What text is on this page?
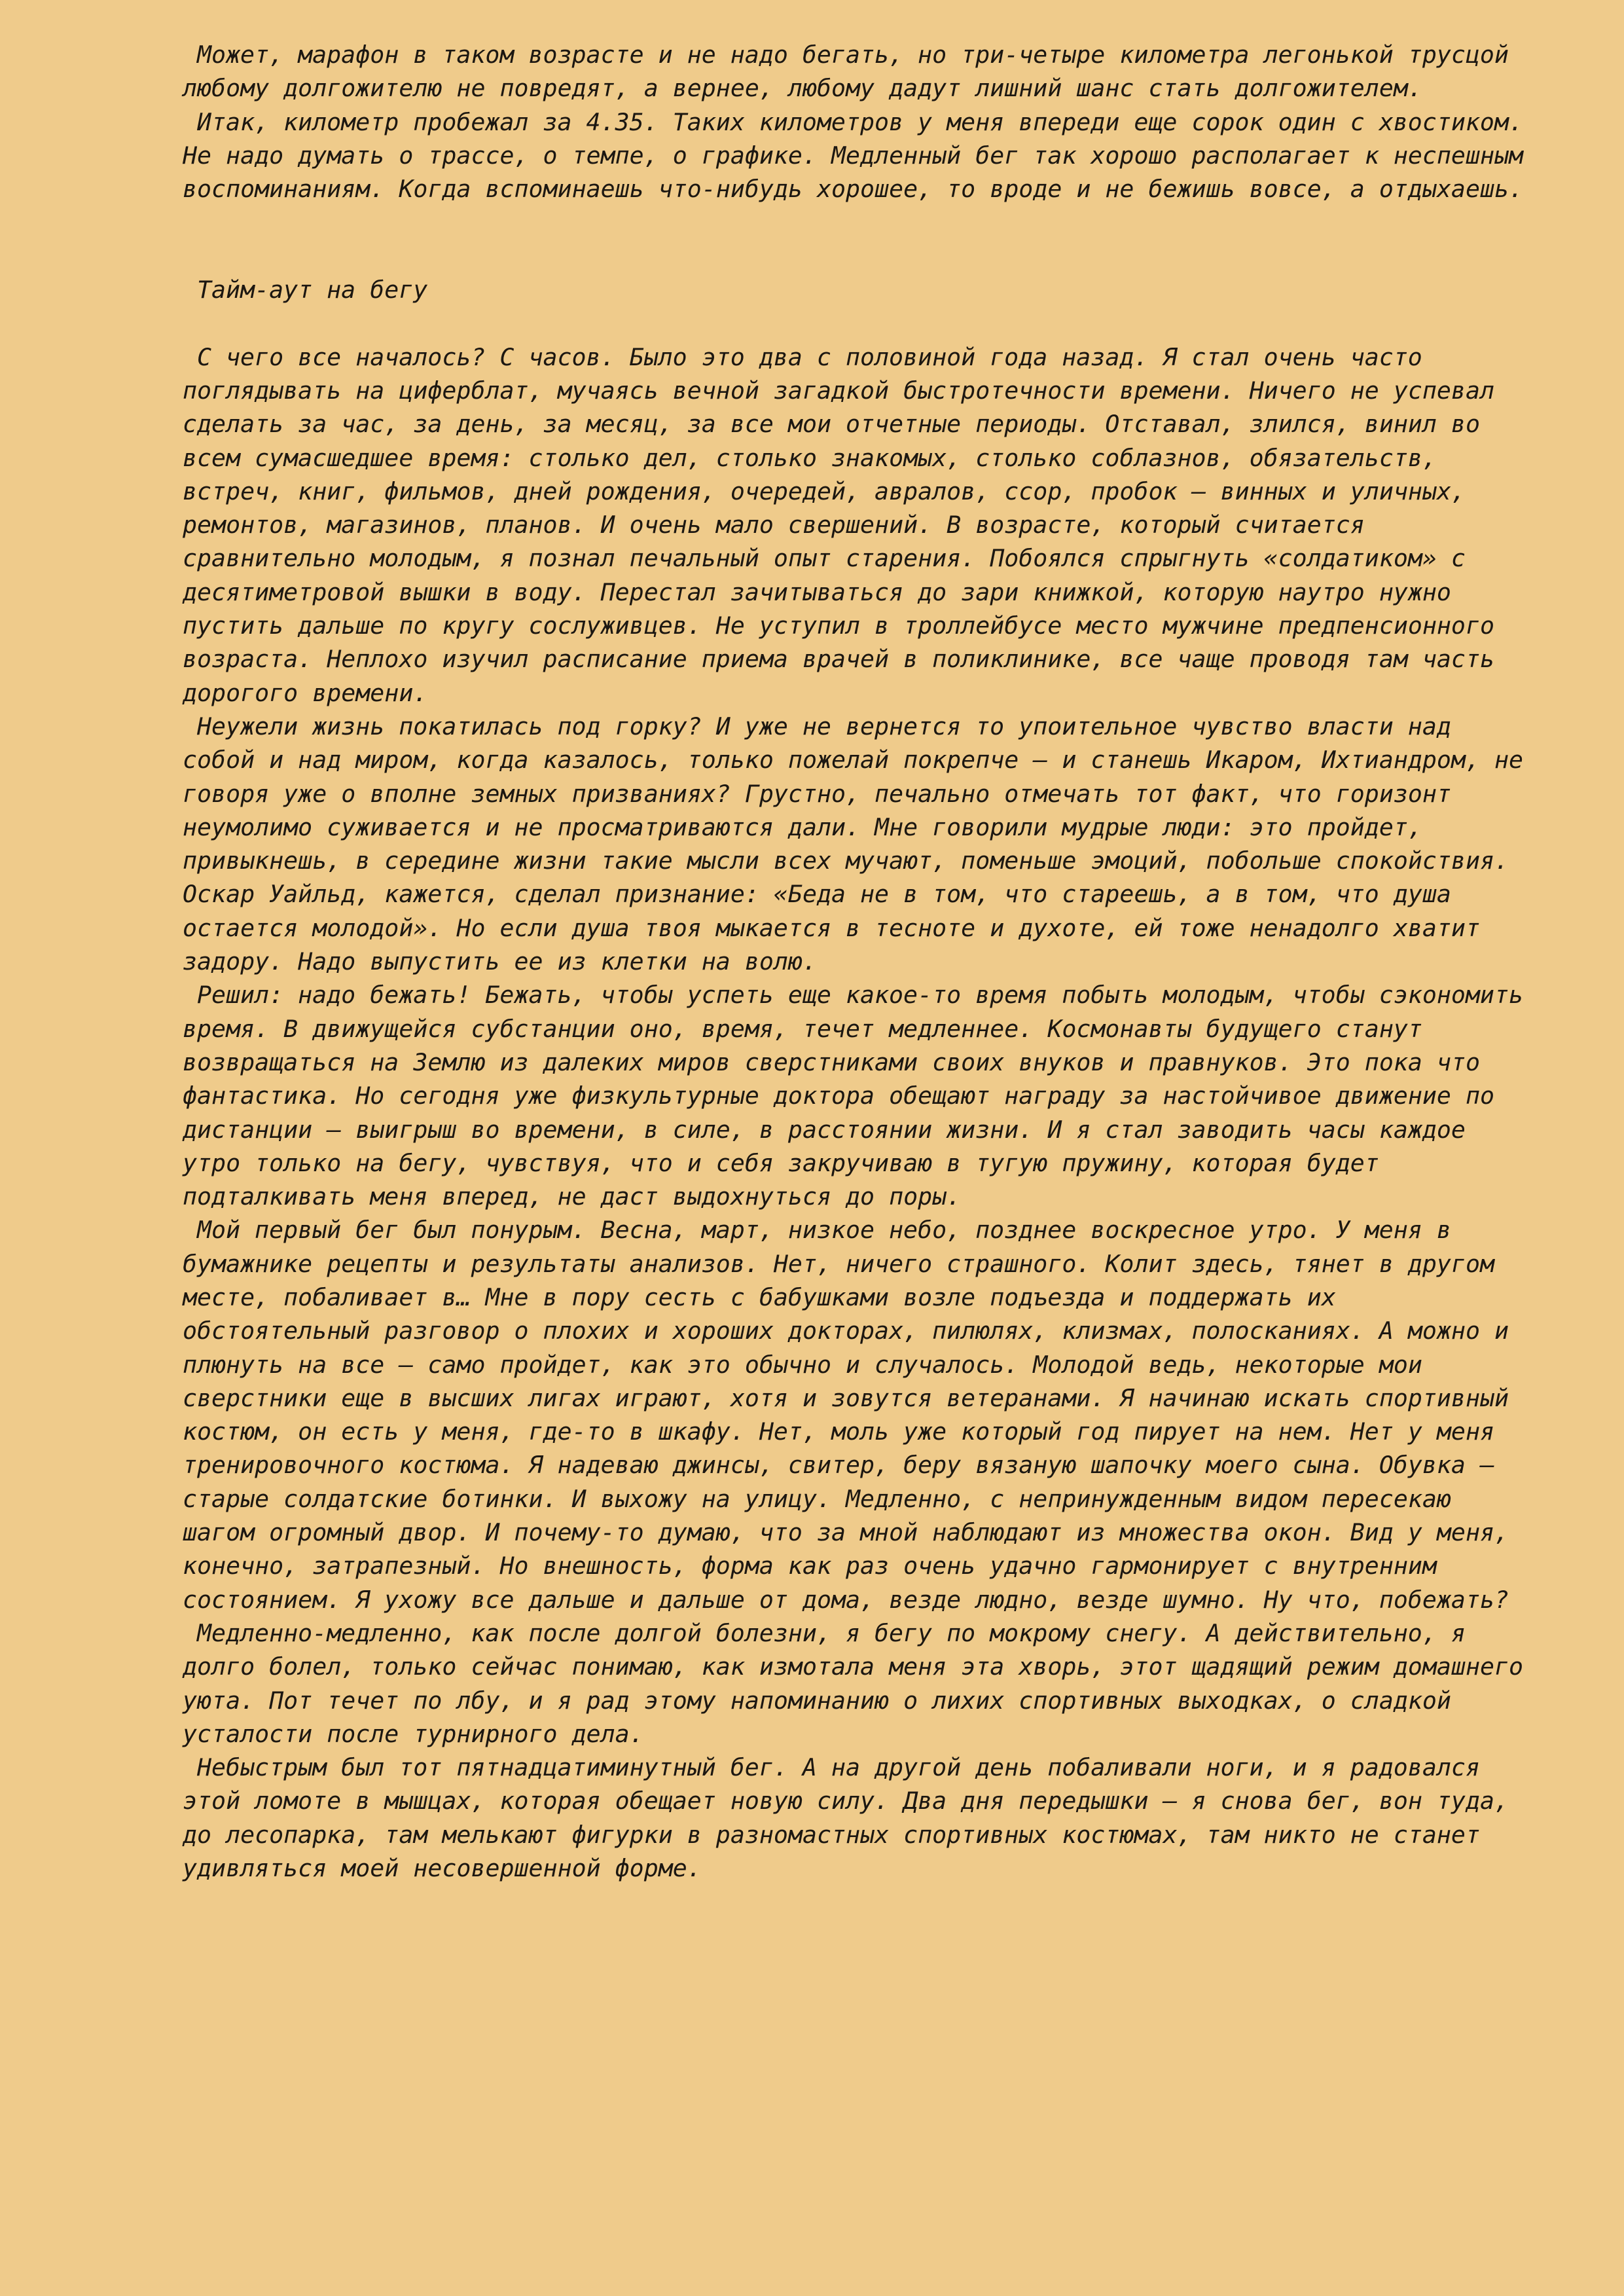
Может, марафон в таком возрасте и не надо бегать, но три-четыре километра легонькой трусцой любому долгожителю не повредят, а вернее, любому дадут лишний шанс стать долгожителем.

Итак, километр пробежал за 4.35. Таких километров у меня впереди еще сорок один с хвостиком. Не надо думать о трассе, о темпе, о графике. Медленный бег так хорошо располагает к неспешным воспоминаниям. Когда вспоминаешь что-нибудь хорошее, то вроде и не бежишь вовсе, а отдыхаешь.

Тайм-аут на бегу

С чего все началось? С часов. Было это два с половиной года назад. Я стал очень часто поглядывать на циферблат, мучаясь вечной загадкой быстротечности времени. Ничего не успевал сделать за час, за день, за месяц, за все мои отчетные периоды. Отставал, злился, винил во всем сумасшедшее время: столько дел, столько знакомых, столько соблазнов, обязательств, встреч, книг, фильмов, дней рождения, очередей, авралов, ссор, пробок – винных и уличных, ремонтов, магазинов, планов. И очень мало свершений. В возрасте, который считается сравнительно молодым, я познал печальный опыт старения. Побоялся спрыгнуть «солдатиком» с десятиметровой вышки в воду. Перестал зачитываться до зари книжкой, которую наутро нужно пустить дальше по кругу сослуживцев. Не уступил в троллейбусе место мужчине предпенсионного возраста. Неплохо изучил расписание приема врачей в поликлинике, все чаще проводя там часть дорогого времени.

Неужели жизнь покатилась под горку? И уже не вернется то упоительное чувство власти над собой и над миром, когда казалось, только пожелай покрепче – и станешь Икаром, Ихтиандром, не говоря уже о вполне земных призваниях? Грустно, печально отмечать тот факт, что горизонт неумолимо суживается и не просматриваются дали. Мне говорили мудрые люди: это пройдет, привыкнешь, в середине жизни такие мысли всех мучают, поменьше эмоций, побольше спокойствия. Оскар Уайльд, кажется, сделал признание: «Беда не в том, что стареешь, а в том, что душа остается молодой». Но если душа твоя мыкается в тесноте и духоте, ей тоже ненадолго хватит задору. Надо выпустить ее из клетки на волю.

Решил: надо бежать! Бежать, чтобы успеть еще какое-то время побыть молодым, чтобы сэкономить время. В движущейся субстанции оно, время, течет медленнее. Космонавты будущего станут возвращаться на Землю из далеких миров сверстниками своих внуков и правнуков. Это пока что фантастика. Но сегодня уже физкультурные доктора обещают награду за настойчивое движение по дистанции – выигрыш во времени, в силе, в расстоянии жизни. И я стал заводить часы каждое утро только на бегу, чувствуя, что и себя закручиваю в тугую пружину, которая будет подталкивать меня вперед, не даст выдохнуться до поры.

Мой первый бег был понурым. Весна, март, низкое небо, позднее воскресное утро. У меня в бумажнике рецепты и результаты анализов. Нет, ничего страшного. Колит здесь, тянет в другом месте, побаливает в… Мне в пору сесть с бабушками возле подъезда и поддержать их обстоятельный разговор о плохих и хороших докторах, пилюлях, клизмах, полосканиях. А можно и плюнуть на все – само пройдет, как это обычно и случалось. Молодой ведь, некоторые мои сверстники еще в высших лигах играют, хотя и зовутся ветеранами. Я начинаю искать спортивный костюм, он есть у меня, где-то в шкафу. Нет, моль уже который год пирует на нем. Нет у меня тренировочного костюма. Я надеваю джинсы, свитер, беру вязаную шапочку моего сына. Обувка – старые солдатские ботинки. И выхожу на улицу. Медленно, с непринужденным видом пересекаю шагом огромный двор. И почему-то думаю, что за мной наблюдают из множества окон. Вид у меня, конечно, затрапезный. Но внешность, форма как раз очень удачно гармонирует с внутренним состоянием. Я ухожу все дальше и дальше от дома, везде людно, везде шумно. Ну что, побежать?

Медленно-медленно, как после долгой болезни, я бегу по мокрому снегу. А действительно, я долго болел, только сейчас понимаю, как измотала меня эта хворь, этот щадящий режим домашнего уюта. Пот течет по лбу, и я рад этому напоминанию о лихих спортивных выходках, о сладкой усталости после турнирного дела.

Небыстрым был тот пятнадцатиминутный бег. А на другой день побаливали ноги, и я радовался этой ломоте в мышцах, которая обещает новую силу. Два дня передышки – я снова бег, вон туда, до лесопарка, там мелькают фигурки в разномастных спортивных костюмах, там никто не станет удивляться моей несовершенной форме.
